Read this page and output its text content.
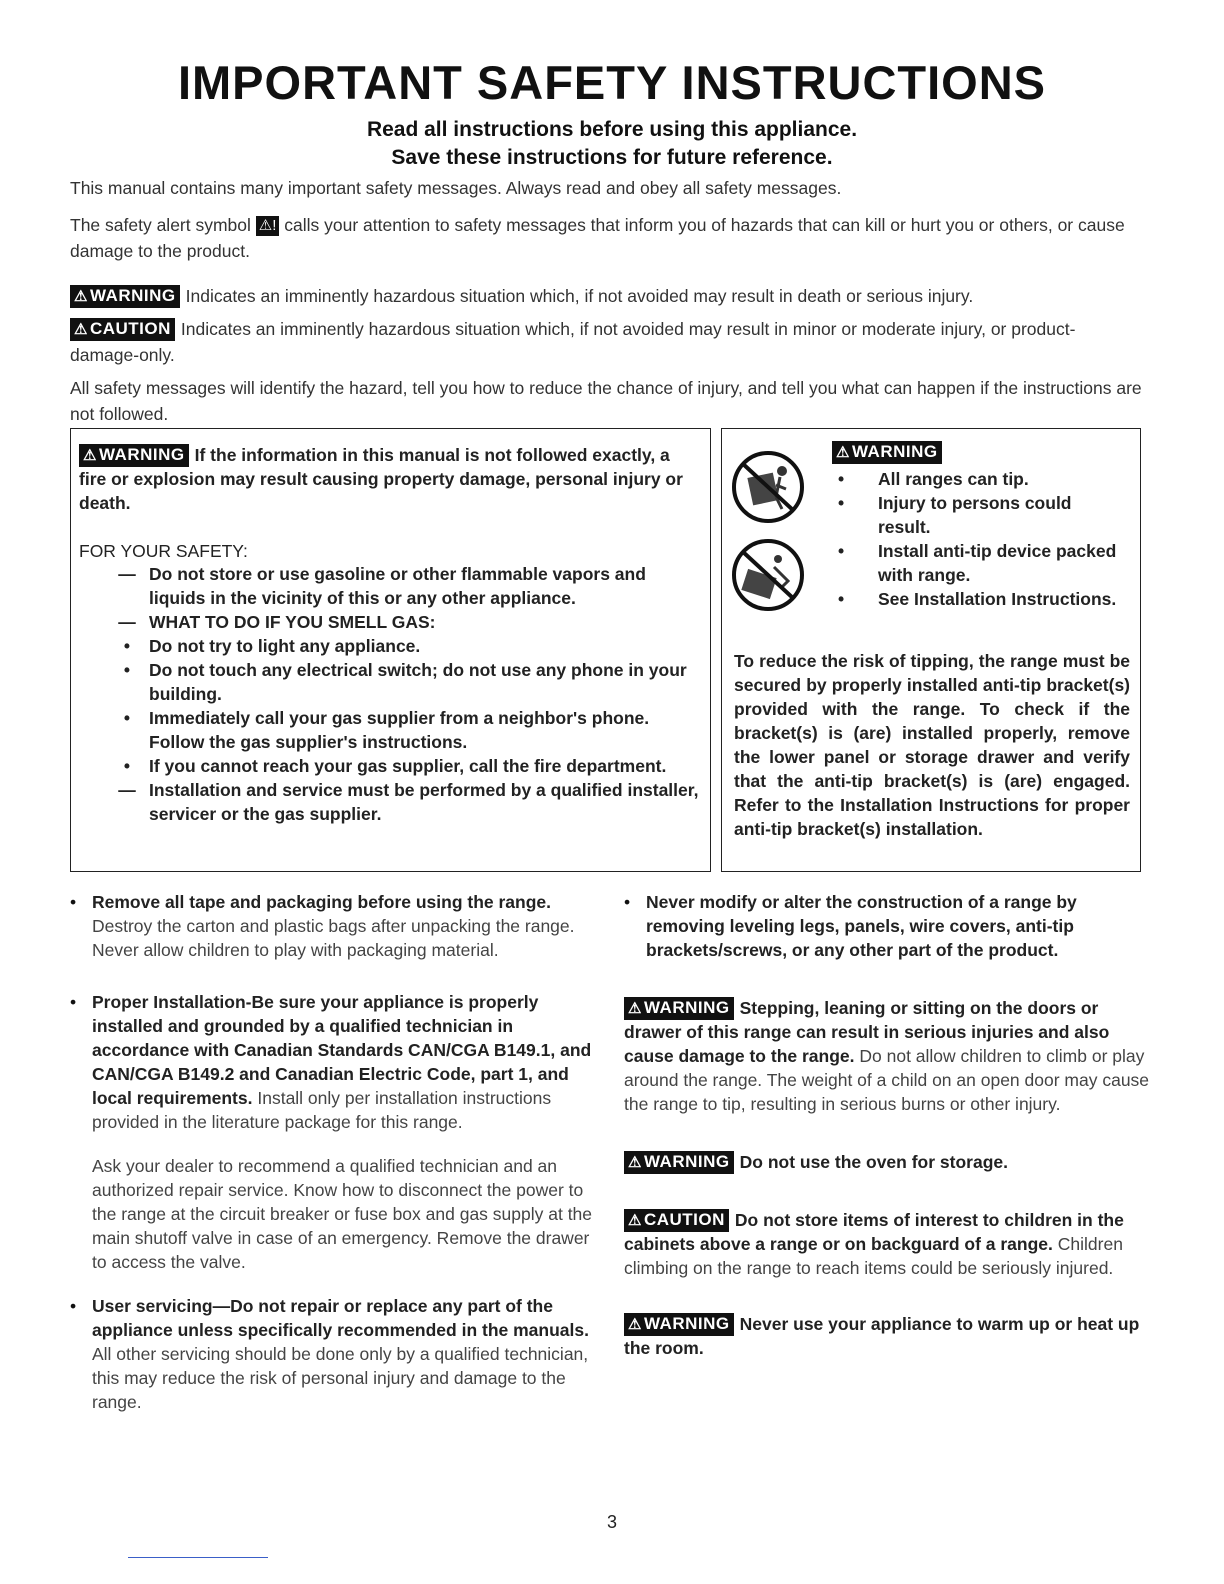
IMPORTANT SAFETY INSTRUCTIONS
Read all instructions before using this appliance.
Save these instructions for future reference.
This manual contains many important safety messages. Always read and obey all safety messages.
The safety alert symbol ⚠! calls your attention to safety messages that inform you of hazards that can kill or hurt you or others, or cause damage to the product.
⚠ WARNING Indicates an imminently hazardous situation which, if not avoided may result in death or serious injury.
⚠ CAUTION Indicates an imminently hazardous situation which, if not avoided may result in minor or moderate injury, or product-damage-only.
All safety messages will identify the hazard, tell you how to reduce the chance of injury, and tell you what can happen if the instructions are not followed.
⚠ WARNING If the information in this manual is not followed exactly, a fire or explosion may result causing property damage, personal injury or death.
FOR YOUR SAFETY:
— Do not store or use gasoline or other flammable vapors and liquids in the vicinity of this or any other appliance.
— WHAT TO DO IF YOU SMELL GAS:
•	Do not try to light any appliance.
•	Do not touch any electrical switch; do not use any phone in your building.
•	Immediately call your gas supplier from a neighbor's phone. Follow the gas supplier's instructions.
•	If you cannot reach your gas supplier, call the fire department.
— Installation and service must be performed by a qualified installer, servicer or the gas supplier.
⚠ WARNING
• All ranges can tip.
• Injury to persons could result.
• Install anti-tip device packed with range.
• See Installation Instructions.
To reduce the risk of tipping, the range must be secured by properly installed anti-tip bracket(s) provided with the range. To check if the bracket(s) is (are) installed properly, remove the lower panel or storage drawer and verify that the anti-tip bracket(s) is (are) engaged. Refer to the Installation Instructions for proper anti-tip bracket(s) installation.
• Remove all tape and packaging before using the range. Destroy the carton and plastic bags after unpacking the range. Never allow children to play with packaging material.
• Proper Installation-Be sure your appliance is properly installed and grounded by a qualified technician in accordance with Canadian Standards CAN/CGA B149.1, and CAN/CGA B149.2 and Canadian Electric Code, part 1, and local requirements. Install only per installation instructions provided in the literature package for this range.
Ask your dealer to recommend a qualified technician and an authorized repair service. Know how to disconnect the power to the range at the circuit breaker or fuse box and gas supply at the main shutoff valve in case of an emergency. Remove the drawer to access the valve.
• User servicing—Do not repair or replace any part of the appliance unless specifically recommended in the manuals. All other servicing should be done only by a qualified technician, this may reduce the risk of personal injury and damage to the range.
• Never modify or alter the construction of a range by removing leveling legs, panels, wire covers, anti-tip brackets/screws, or any other part of the product.
⚠ WARNING Stepping, leaning or sitting on the doors or drawer of this range can result in serious injuries and also cause damage to the range. Do not allow children to climb or play around the range. The weight of a child on an open door may cause the range to tip, resulting in serious burns or other injury.
⚠ WARNING Do not use the oven for storage.
⚠ CAUTION Do not store items of interest to children in the cabinets above a range or on backguard of a range. Children climbing on the range to reach items could be seriously injured.
⚠ WARNING Never use your appliance to warm up or heat up the room.
3
